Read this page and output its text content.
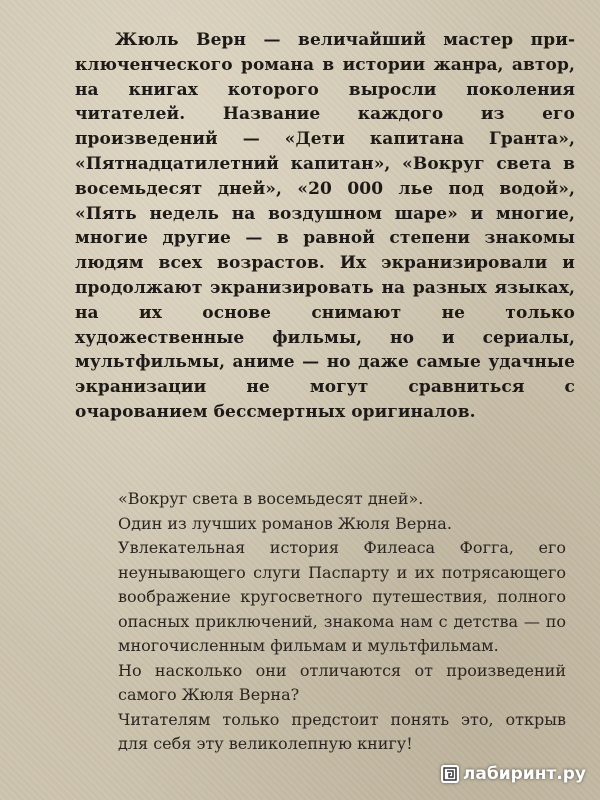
Жюль Верн — величайший мастер приключенческого романа в истории жанра, автор, на книгах которого выросли поколения читателей. Название каждого из его произведений — «Дети капитана Гранта», «Пятнадцатилетний капитан», «Вокруг света в восемьдесят дней», «20 000 лье под водой», «Пять недель на воздушном шаре» и многие, многие другие — в равной степени знакомы людям всех возрастов. Их экранизировали и продолжают экранизировать на разных языках, на их основе снимают не только художественные фильмы, но и сериалы, мультфильмы, аниме — но даже самые удачные экранизации не могут сравниться с очарованием бессмертных оригиналов.

«Вокруг света в восемьдесят дней».

Один из лучших романов Жюля Верна.

Увлекательная история Филеаса Фогга, его неунывающего слуги Паспарту и их потрясающего воображение кругосветного путешествия, полного опасных приключений, знакома нам с детства — по многочисленным фильмам и мультфильмам.

Но насколько они отличаются от произведений самого Жюля Верна?

Читателям только предстоит понять это, открыв для себя эту великолепную книгу!

лабиринт.ру
